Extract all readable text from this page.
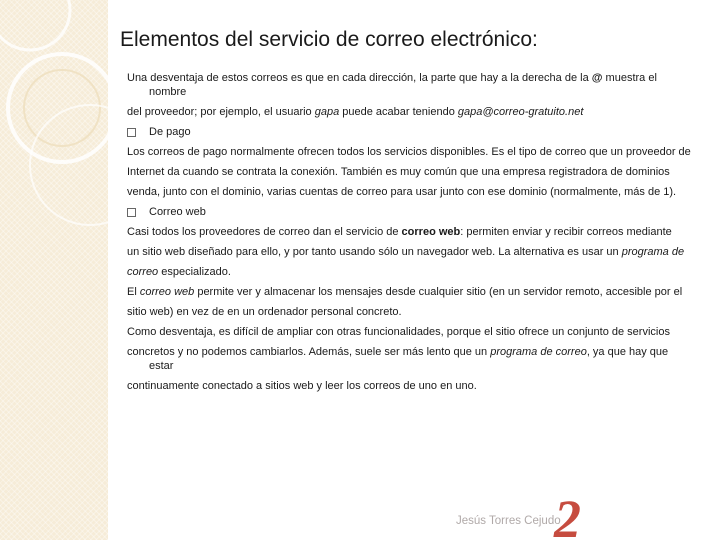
Elementos del servicio de correo electrónico:
Una desventaja de estos correos es que en cada dirección, la parte que hay a la derecha de la @ muestra el nombre
del proveedor; por ejemplo, el usuario gapa puede acabar teniendo gapa@correo-gratuito.net
De pago
Los correos de pago normalmente ofrecen todos los servicios disponibles. Es el tipo de correo que un proveedor de
Internet da cuando se contrata la conexión. También es muy común que una empresa registradora de dominios
venda, junto con el dominio, varias cuentas de correo para usar junto con ese dominio (normalmente, más de 1).
Correo web
Casi todos los proveedores de correo dan el servicio de correo web: permiten enviar y recibir correos mediante
un sitio web diseñado para ello, y por tanto usando sólo un navegador web. La alternativa es usar un programa de
correo especializado.
El correo web permite ver y almacenar los mensajes desde cualquier sitio (en un servidor remoto, accesible por el
sitio web) en vez de en un ordenador personal concreto.
Como desventaja, es difícil de ampliar con otras funcionalidades, porque el sitio ofrece un conjunto de servicios
concretos y no podemos cambiarlos. Además, suele ser más lento que un programa de correo, ya que hay que estar
continuamente conectado a sitios web y leer los correos de uno en uno.
Jesús Torres Cejudo
2
